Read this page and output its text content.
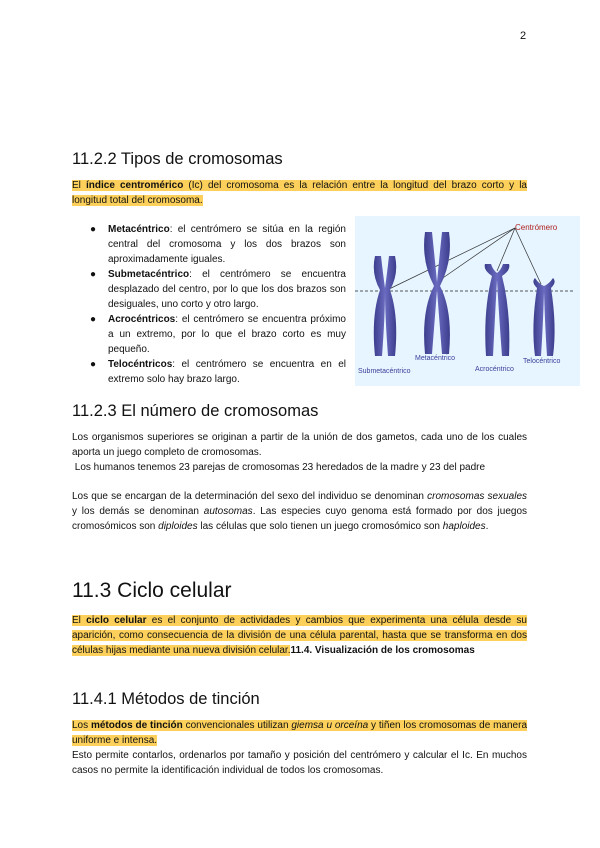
2
11.2.2 Tipos de cromosomas

El índice centromérico (Ic) del cromosoma es la relación entre la longitud del brazo corto y la longitud total del cromosoma.

● Metacéntrico: el centrómero se sitúa en la región central del cromosoma y los dos brazos son aproximadamente iguales.
● Submetacéntrico: el centrómero se encuentra desplazado del centro, por lo que los dos brazos son desiguales, uno corto y otro largo.
● Acrocéntricos: el centrómero se encuentra próximo a un extremo, por lo que el brazo corto es muy pequeño.
● Telocéntricos: el centrómero se encuentra en el extremo solo hay brazo largo.
Centrómero
Metacéntrico
Submetacéntrico	Acrocéntrico
Telocéntrico
11.2.3 El número de cromosomas

Los organismos superiores se originan a partir de la unión de dos gametos, cada uno de los cuales aporta un juego completo de cromosomas.

Los humanos tenemos 23 parejas de cromosomas 23 heredados de la madre y 23 del padre

Los que se encargan de la determinación del sexo del individuo se denominan cromosomas sexuales y los demás se denominan autosomas. Las especies cuyo genoma está formado por dos juegos cromosómicos son diploides las células que solo tienen un juego cromosómico son haploides.

11.3 Ciclo celular

El ciclo celular es el conjunto de actividades y cambios que experimenta una célula desde su aparición, como consecuencia de la división de una célula parental, hasta que se transforma en dos células hijas mediante una nueva división celular.11.4. Visualización de los cromosomas

11.4.1 Métodos de tinción

Los métodos de tinción convencionales utilizan giemsa u orceína y tiñen los cromosomas de manera uniforme e intensa.

Esto permite contarlos, ordenarlos por tamaño y posición del centrómero y calcular el Ic. En muchos casos no permite la identificación individual de todos los cromosomas.
